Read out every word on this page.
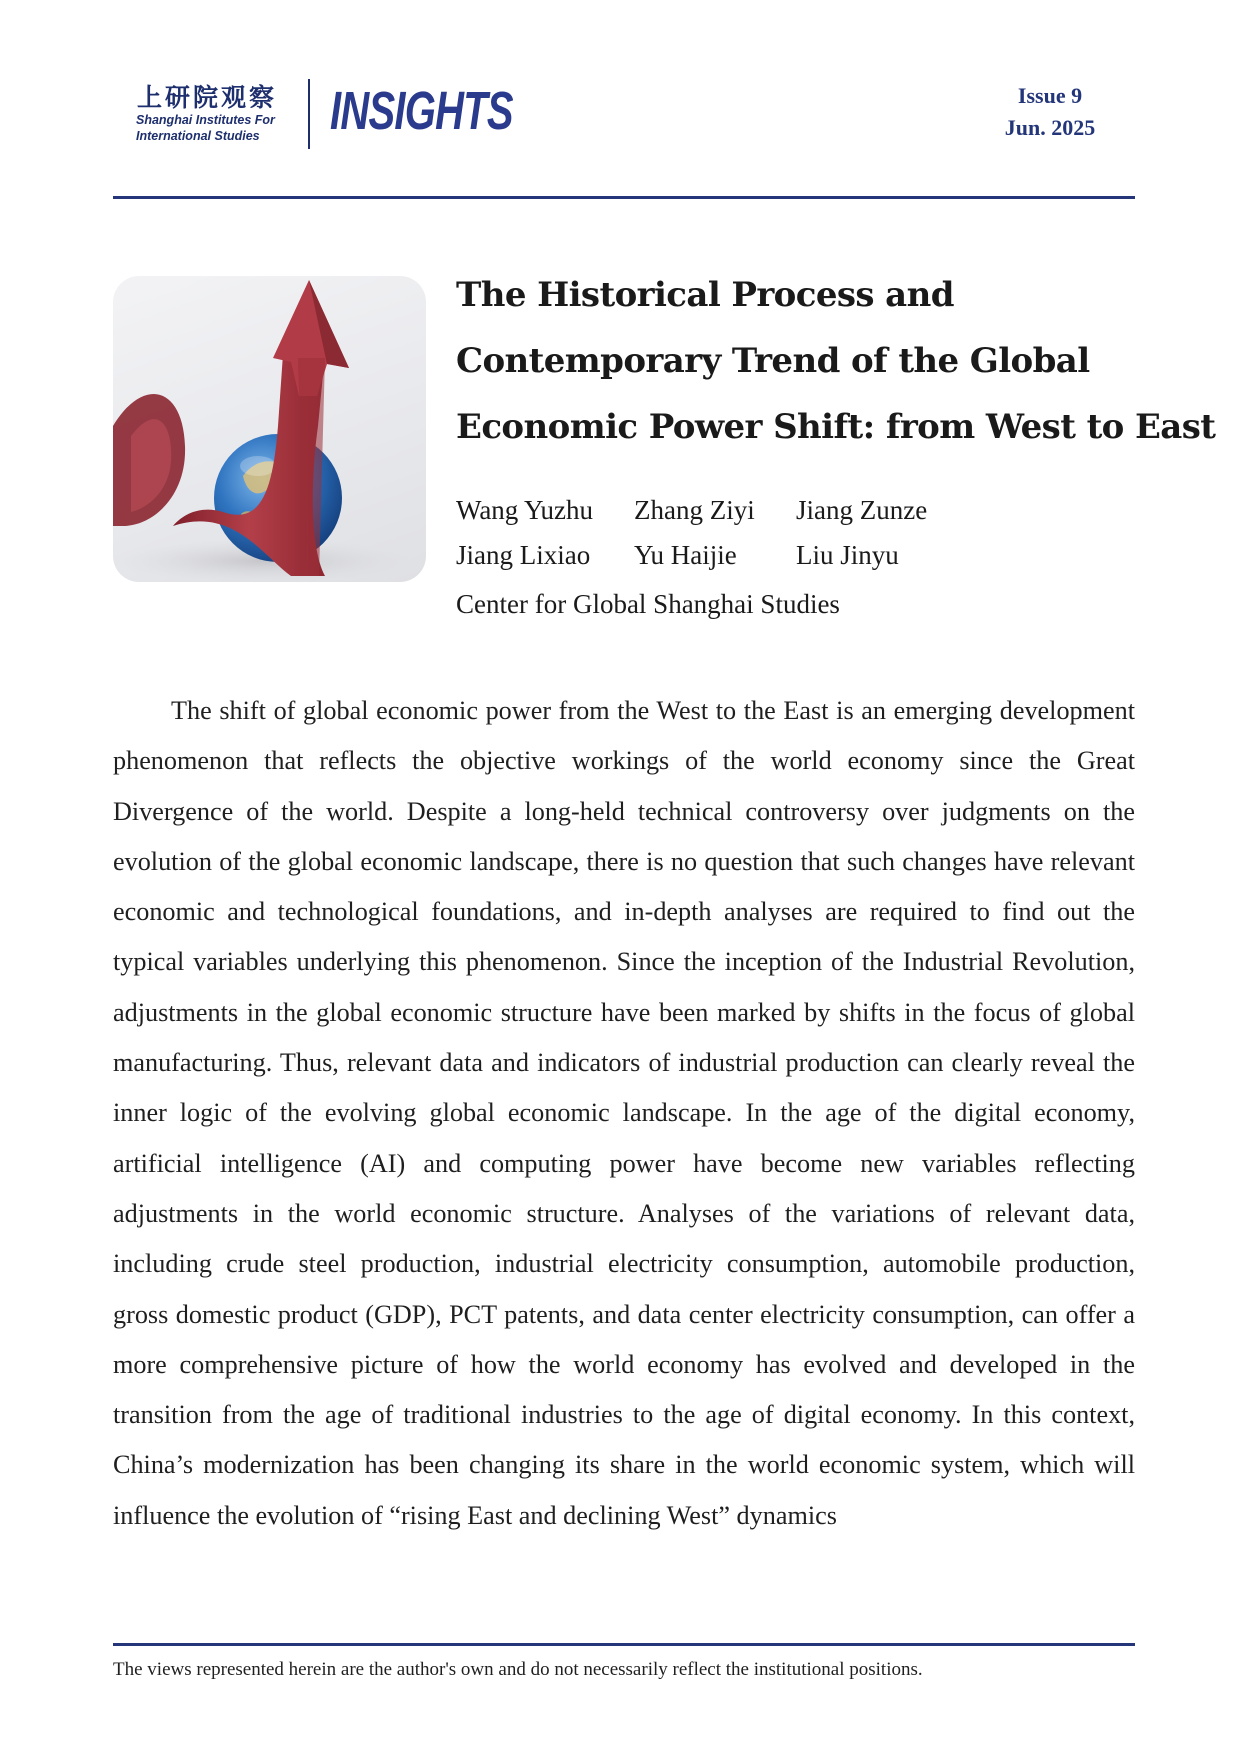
上研院观察
Shanghai Institutes For
International Studies	INSIGHTS	Issue 9
Jun. 2025
The Historical Process and
Contemporary Trend of the Global
Economic Power Shift: from West to East
Wang Yuzhu Zhang Ziyi Jiang Zunze
Jiang Lixiao Yu Haijie Liu Jinyu
Center for Global Shanghai Studies

The shift of global economic power from the West to the East is an emerging development phenomenon that reflects the objective workings of the world economy since the Great Divergence of the world. Despite a long-held technical controversy over judgments on the evolution of the global economic landscape, there is no question that such changes have relevant economic and technological foundations, and in-depth analyses are required to find out the typical variables underlying this phenomenon. Since the inception of the Industrial Revolution, adjustments in the global economic structure have been marked by shifts in the focus of global manufacturing. Thus, relevant data and indicators of industrial production can clearly reveal the inner logic of the evolving global economic landscape. In the age of the digital economy, artificial intelligence (AI) and computing power have become new variables reflecting adjustments in the world economic structure. Analyses of the variations of relevant data, including crude steel production, industrial electricity consumption, automobile production, gross domestic product (GDP), PCT patents, and data center electricity consumption, can offer a more comprehensive picture of how the world economy has evolved and developed in the transition from the age of traditional industries to the age of digital economy. In this context, China’s modernization has been changing its share in the world economic system, which will influence the evolution of “rising East and declining West” dynamics

The views represented herein are the author's own and do not necessarily reflect the institutional positions.
